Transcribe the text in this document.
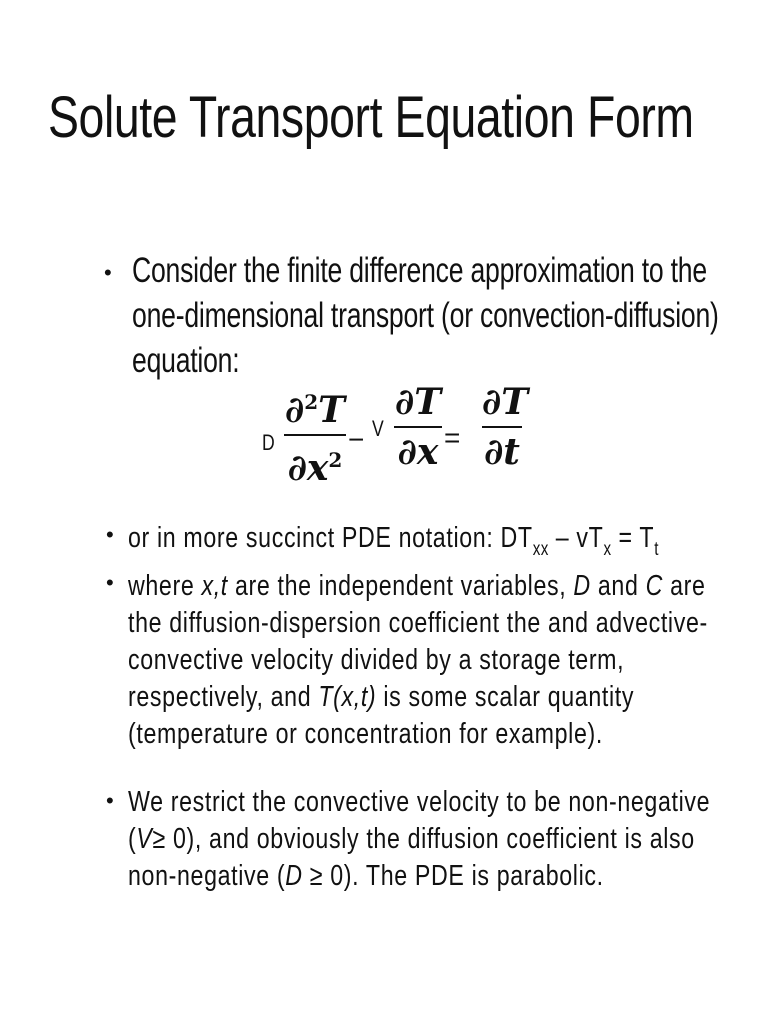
Solute Transport Equation Form
• Consider the finite difference approximation to the
one-dimensional transport (or convection-diffusion)
equation:
D
∂$^2$T
$\partial x^2$
− V
∂T
∂x =
∂T
∂t
• or in more succinct PDE notation: $DT_{xx} - vT_x = T_t$
• where x,t are the independent variables, D and C are
the diffusion-dispersion coefficient the and advective-
convective velocity divided by a storage term,
respectively, and T(x,t) is some scalar quantity
(temperature or concentration for example).
• We restrict the convective velocity to be non-negative
(V≥ 0), and obviously the diffusion coefficient is also
non-negative (D ≥ 0). The PDE is parabolic.
